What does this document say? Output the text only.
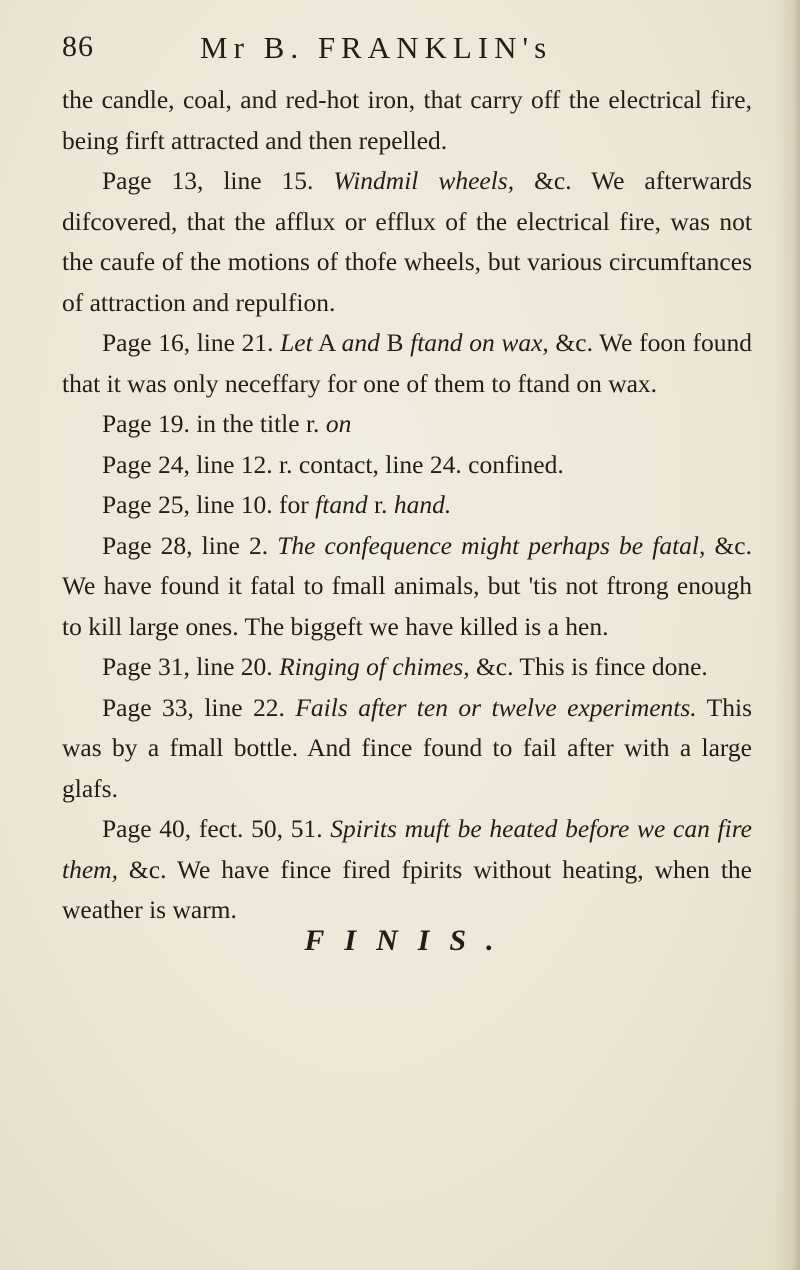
86	Mr B. FRANKLIN's

the candle, coal, and red-hot iron, that carry off the electrical fire, being firft attracted and then repelled.

Page 13, line 15. Windmil wheels, &c. We afterwards difcovered, that the afflux or efflux of the electrical fire, was not the caufe of the motions of thofe wheels, but various circumftances of attraction and repulfion.

Page 16, line 21. Let A and B ftand on wax, &c. We foon found that it was only neceffary for one of them to ftand on wax.

Page 19. in the title r. on

Page 24, line 12. r. contact, line 24. confined.

Page 25, line 10. for ftand r. hand.

Page 28, line 2. The confequence might perhaps be fatal, &c. We have found it fatal to fmall animals, but 'tis not ftrong enough to kill large ones. The biggeft we have killed is a hen.

Page 31, line 20. Ringing of chimes, &c. This is fince done.

Page 33, line 22. Fails after ten or twelve experiments. This was by a fmall bottle. And fince found to fail after with a large glafs.

Page 40, fect. 50, 51. Spirits muft be heated before we can fire them, &c. We have fince fired fpirits without heating, when the weather is warm.

FINIS.
